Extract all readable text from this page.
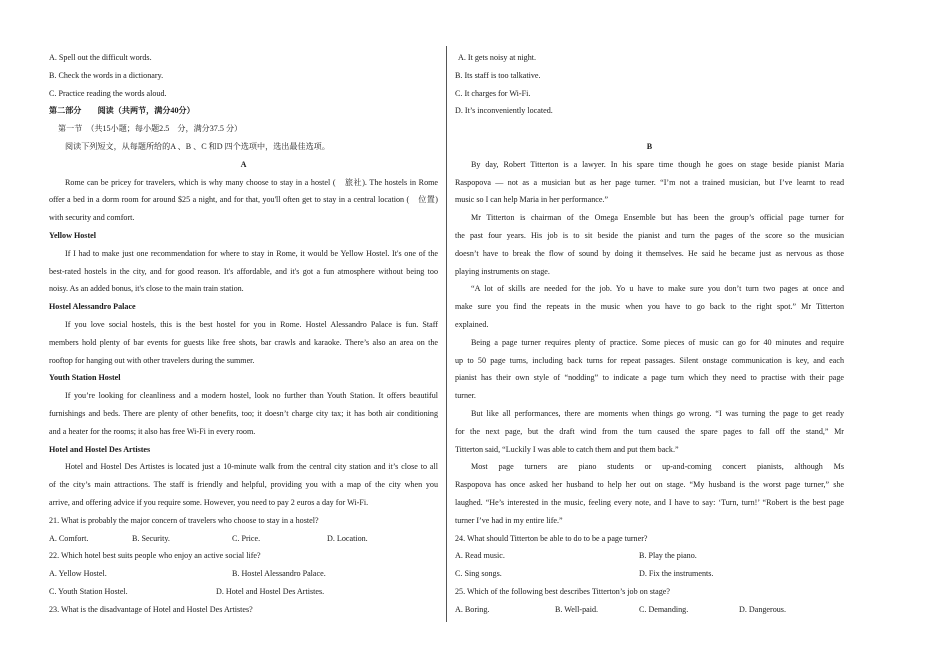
A. Spell out the difficult words.
B. Check the words in a dictionary.
C. Practice reading the words aloud.
第二部分　　阅读（共两节，满分40分）
第一节　（共15小题；每小题2.5　分，满分37.5 分）
阅读下列短文，从每题所给的A 、B 、C 和D 四个选项中，选出最佳选项。
A
Rome can be pricey for travelers, which is why many choose to stay in a hostel (　旅社). The hostels in Rome
offer a bed in a dorm room for around $25 a night, and for that, you'll often get to stay in a central location (　位置)
with security and comfort.
Yellow Hostel
If I had to make just one recommendation for where to stay in Rome, it would be Yellow Hostel. It's one of the
best-rated hostels in the city, and for good reason. It's affordable, and it's got a fun atmosphere without being too
noisy. As an added bonus, it's close to the main train station.
Hostel Alessandro Palace
If you love social hostels, this is the best hostel for you in Rome. Hostel Alessandro Palace is fun. Staff
members hold plenty of bar events for guests like free shots, bar crawls and karaoke. There’s also an area on the
rooftop for hanging out with other travelers during the summer.
Youth Station Hostel
If you’re looking for cleanliness and a modern hostel, look no further than Youth Station. It offers beautiful
furnishings and beds. There are plenty of other benefits, too; it doesn’t charge city tax; it has both air conditioning
and a heater for the rooms; it also has free Wi-Fi in every room.
Hotel and Hostel Des Artistes
Hotel and Hostel Des Artistes is located just a 10-minute walk from the central city station and it’s close to all
of the city’s main attractions. The staff is friendly and helpful, providing you with a map of the city when you
arrive, and offering advice if you require some. However, you need to pay 2 euros a day for Wi-Fi.
21. What is probably the major concern of travelers who choose to stay in a hostel?
A. Comfort.	B. Security.	C. Price.	D. Location.
22. Which hotel best suits people who enjoy an active social life?
A. Yellow Hostel.	B. Hostel Alessandro Palace.
C. Youth Station Hostel.	D. Hotel and Hostel Des Artistes.
23. What is the disadvantage of Hotel and Hostel Des Artistes?
A. It gets noisy at night.
B. Its staff is too talkative.
C. It charges for Wi-Fi.
D. It’s inconveniently located.
B
By day, Robert Titterton is a lawyer. In his spare time though he goes on stage beside pianist Maria
Raspopova — not as a musician but as her page turner. “I’m not a trained musician, but I’ve learnt to read
music so I can help Maria in her performance.”
Mr Titterton is chairman of the Omega Ensemble but has been the group’s official page turner for
the past four years. His job is to sit beside the pianist and turn the pages of the score so the musician
doesn’t have to break the flow of sound by doing it themselves. He said he became just as nervous as those
playing instruments on stage.
“A lot of skills are needed for the job. Yo u have to make sure you don’t turn two pages at once and
make sure you find the repeats in the music when you have to go back to the right spot.” Mr Titterton
explained.
Being a page turner requires plenty of practice. Some pieces of music can go for 40 minutes and require
up to 50 page turns, including back turns for repeat passages. Silent onstage communication is key, and each
pianist has their own style of “nodding” to indicate a page turn which they need to practise with their page
turner.
But like all performances, there are moments when things go wrong. “I was turning the page to get ready
for the next page, but the draft wind from the turn caused the spare pages to fall off the stand,” Mr
Titterton said, “Luckily I was able to catch them and put them back.”
Most page turners are piano students or up-and-coming concert pianists, although Ms
Raspopova has once asked her husband to help her out on stage. “My husband is the worst page turner,” she
laughed. “He’s interested in the music, feeling every note, and I have to say: ‘Turn, turn!’ “Robert is the best page
turner I’ve had in my entire life.”
24. What should Titterton be able to do to be a page turner?
A. Read music.	B. Play the piano.
C. Sing songs.	D. Fix the instruments.
25. Which of the following best describes Titterton’s job on stage?
A. Boring.	B. Well-paid.	C. Demanding.	D. Dangerous.
